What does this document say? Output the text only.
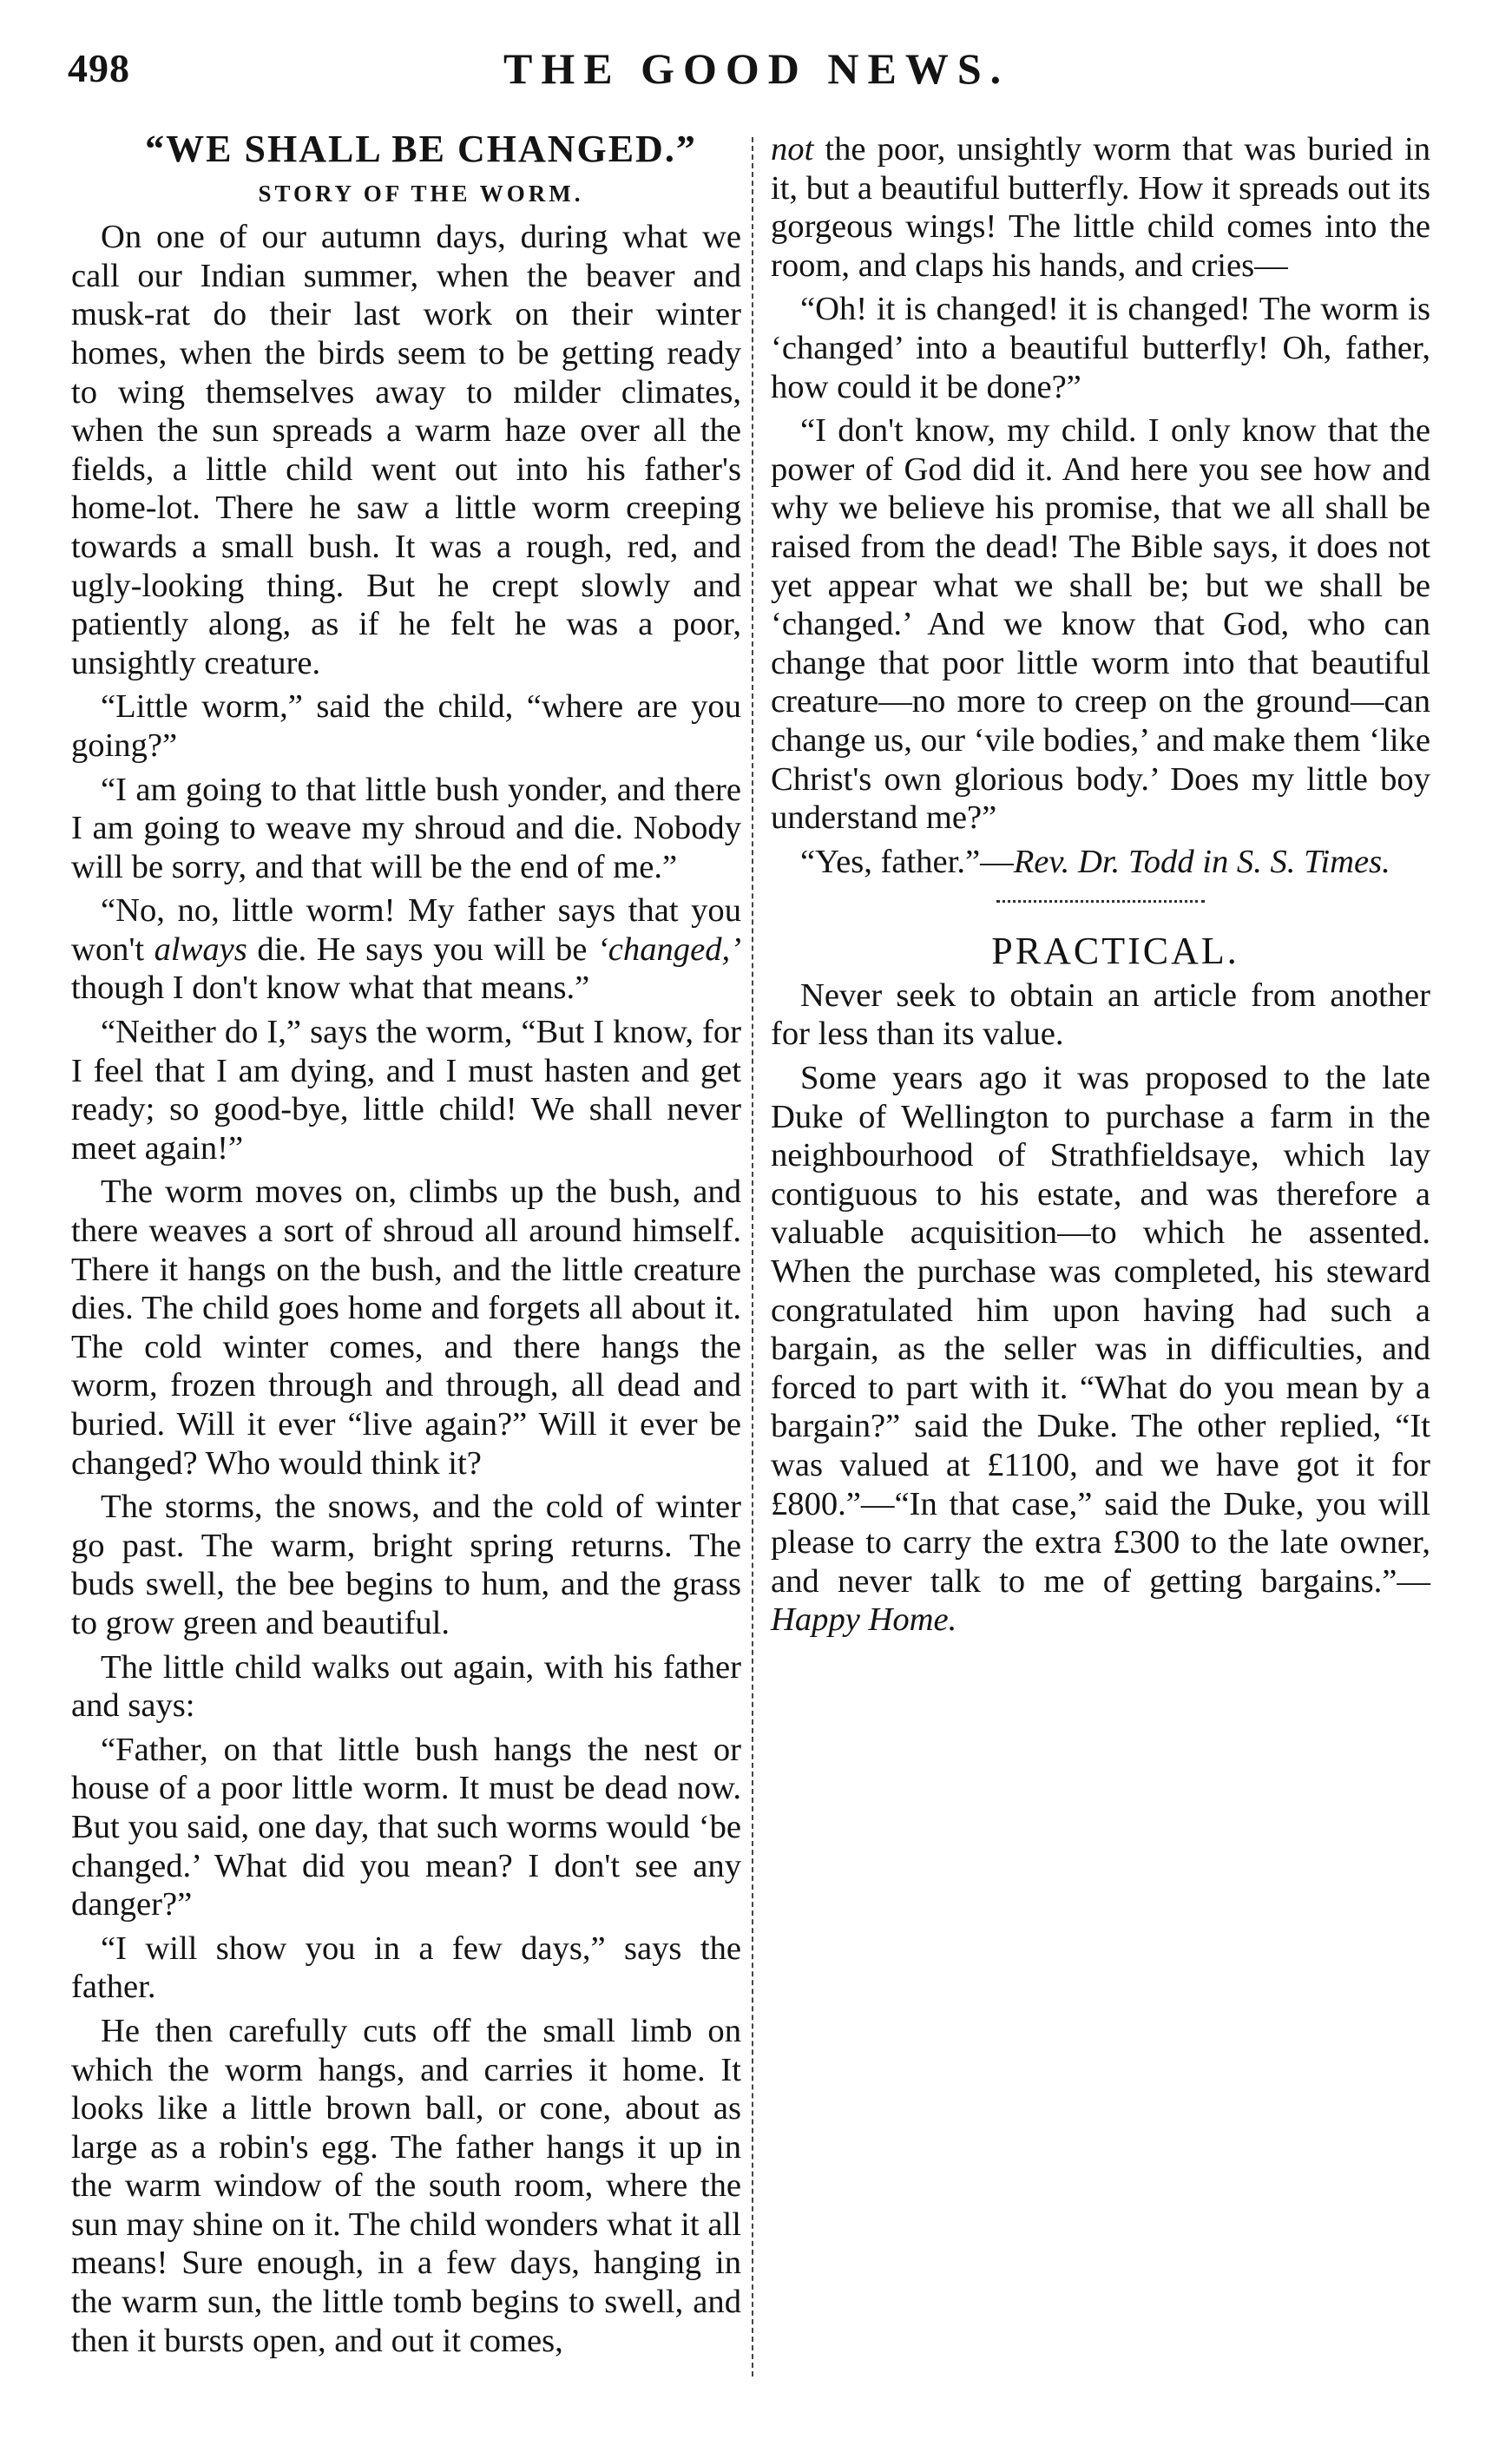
498	THE GOOD NEWS.

“WE SHALL BE CHANGED.”

STORY OF THE WORM.

On one of our autumn days, during what we call our Indian summer, when the beaver and musk-rat do their last work on their winter homes, when the birds seem to be getting ready to wing themselves away to milder climates, when the sun spreads a warm haze over all the fields, a little child went out into his father's home-lot. There he saw a little worm creeping towards a small bush. It was a rough, red, and ugly-looking thing. But he crept slowly and patiently along, as if he felt he was a poor, unsightly creature.

“Little worm,” said the child, “where are you going?”

“I am going to that little bush yonder, and there I am going to weave my shroud and die. Nobody will be sorry, and that will be the end of me.”

“No, no, little worm! My father says that you won't always die. He says you will be ‘changed,’ though I don't know what that means.”

“Neither do I,” says the worm, “But I know, for I feel that I am dying, and I must hasten and get ready; so good-bye, little child! We shall never meet again!”

The worm moves on, climbs up the bush, and there weaves a sort of shroud all around himself. There it hangs on the bush, and the little creature dies. The child goes home and forgets all about it. The cold winter comes, and there hangs the worm, frozen through and through, all dead and buried. Will it ever “live again?” Will it ever be changed? Who would think it?

The storms, the snows, and the cold of winter go past. The warm, bright spring returns. The buds swell, the bee begins to hum, and the grass to grow green and beautiful.

The little child walks out again, with his father and says:

“Father, on that little bush hangs the nest or house of a poor little worm. It must be dead now. But you said, one day, that such worms would ‘be changed.’ What did you mean? I don't see any danger?”

“I will show you in a few days,” says the father.

He then carefully cuts off the small limb on which the worm hangs, and carries it home. It looks like a little brown ball, or cone, about as large as a robin's egg. The father hangs it up in the warm window of the south room, where the sun may shine on it. The child wonders what it all means! Sure enough, in a few days, hanging in the warm sun, the little tomb begins to swell, and then it bursts open, and out it comes,

not the poor, unsightly worm that was buried in it, but a beautiful butterfly. How it spreads out its gorgeous wings! The little child comes into the room, and claps his hands, and cries—

“Oh! it is changed! it is changed! The worm is ‘changed’ into a beautiful butterfly! Oh, father, how could it be done?”

“I don't know, my child. I only know that the power of God did it. And here you see how and why we believe his promise, that we all shall be raised from the dead! The Bible says, it does not yet appear what we shall be; but we shall be ‘changed.’ And we know that God, who can change that poor little worm into that beautiful creature—no more to creep on the ground—can change us, our ‘vile bodies,’ and make them ‘like Christ's own glorious body.’ Does my little boy understand me?”

“Yes, father.”—Rev. Dr. Todd in S. S. Times.

PRACTICAL.

Never seek to obtain an article from another for less than its value.

Some years ago it was proposed to the late Duke of Wellington to purchase a farm in the neighbourhood of Strathfieldsaye, which lay contiguous to his estate, and was therefore a valuable acquisition—to which he assented. When the purchase was completed, his steward congratulated him upon having had such a bargain, as the seller was in difficulties, and forced to part with it. “What do you mean by a bargain?” said the Duke. The other replied, “It was valued at £1100, and we have got it for £800.”—“In that case,” said the Duke, you will please to carry the extra £300 to the late owner, and never talk to me of getting bargains.”—Happy Home.
